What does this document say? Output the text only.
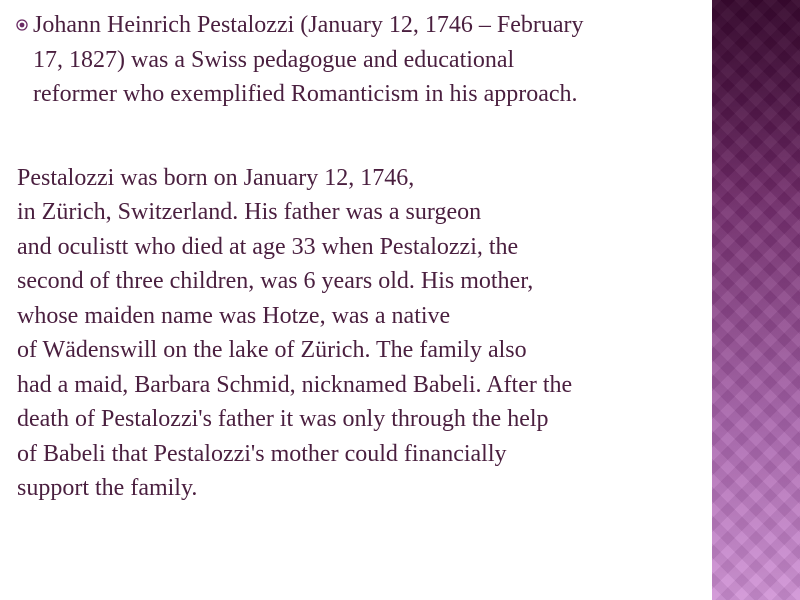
Johann Heinrich Pestalozzi (January 12, 1746 – February
17, 1827) was a Swiss pedagogue and educational
reformer who exemplified Romanticism in his approach.

Pestalozzi was born on January 12, 1746,
in Zürich, Switzerland. His father was a surgeon
and oculistt who died at age 33 when Pestalozzi, the
second of three children, was 6 years old. His mother,
whose maiden name was Hotze, was a native
of Wädenswill on the lake of Zürich. The family also
had a maid, Barbara Schmid, nicknamed Babeli. After the
death of Pestalozzi's father it was only through the help
of Babeli that Pestalozzi's mother could financially
support the family.
